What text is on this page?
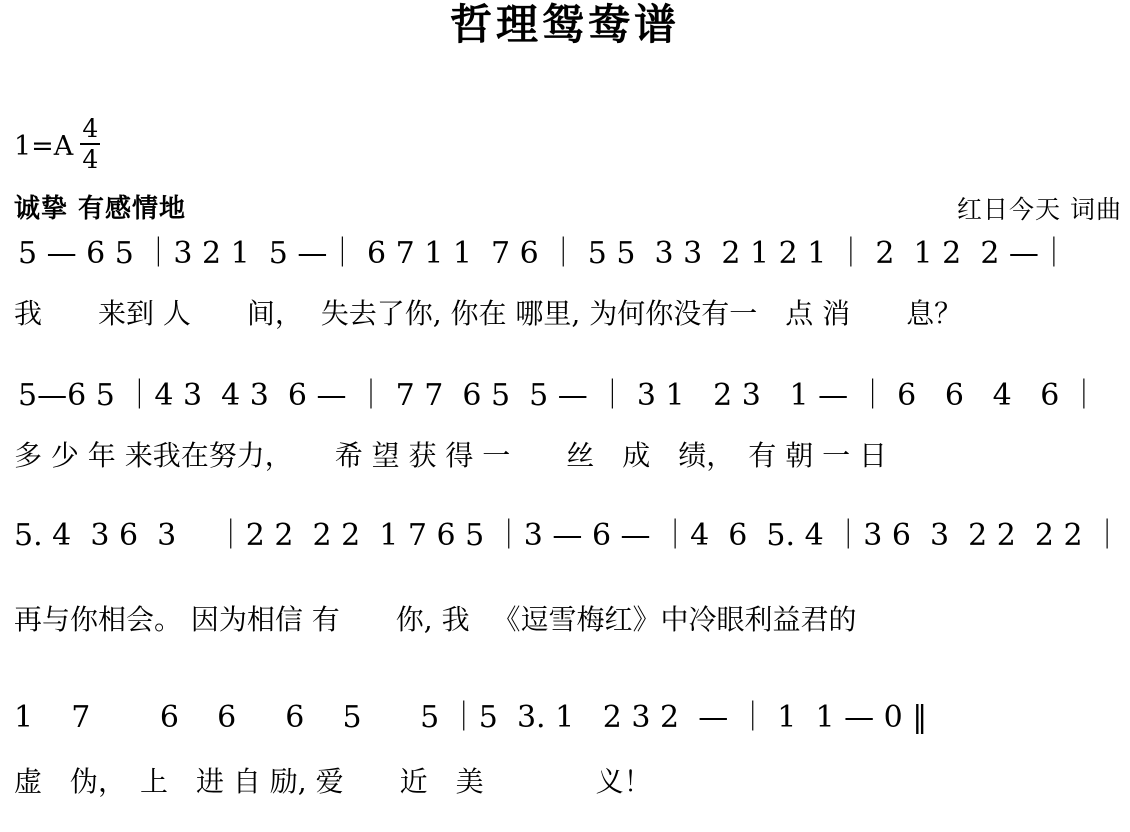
哲理鸳鸯谱
1=A
4
4
诚挚 有感情地	红日今天 词曲
5 — 6 5 ｜3 2 1  5 —｜ 6 7 1 1  7 6 ｜ 5 5  3 3  2 1 2 1 ｜ 2  1 2  2 —｜
我　　来到 人　　间，  失去了你, 你在 哪里, 为何你没有一　点 消　　息？
5—6 5 ｜4 3  4 3  6 — ｜ 7 7  6 5  5 — ｜ 3 1   2 3   1 — ｜ 6   6   4   6 ｜
多 少 年 来我在努力，　　希 望 获 得 一　　丝　成　绩，　有 朝 一 日
5. 4  3 6  3 　｜2 2  2 2  1 7 6 5 ｜3 — 6 — ｜4  6  5. 4 ｜3 6  3  2 2  2 2 ｜
再与你相会。 因为相信 有　　你, 我 　《逗雪梅红》中冷眼利益君的
1    7 　　6    6 　 6    5 　  5 ｜5  3. 1   2 3 2  — ｜ 1  1 — 0 ‖
虚　伪，　上　进 自 励, 爱　　近　美　　　　义！
